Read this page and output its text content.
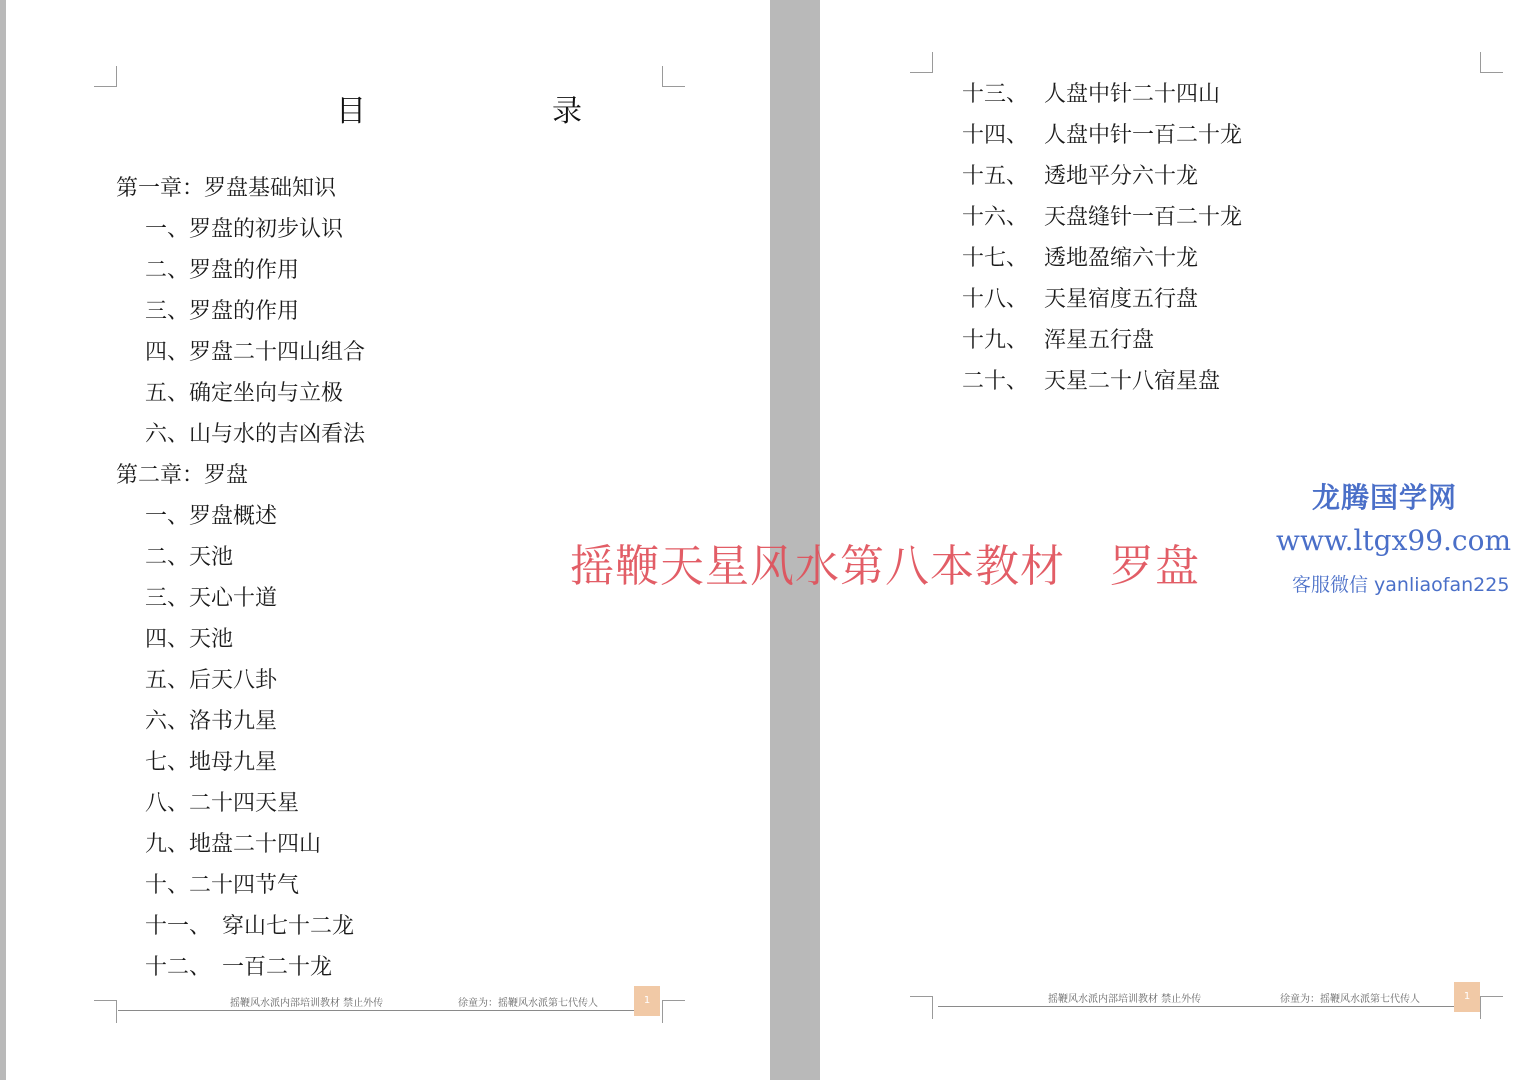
目　录
第一章：罗盘基础知识
一、罗盘的初步认识
二、罗盘的作用
三、罗盘的作用
四、罗盘二十四山组合
五、确定坐向与立极
六、山与水的吉凶看法
第二章：罗盘
一、罗盘概述
二、天池
三、天心十道
四、天池
五、后天八卦
六、洛书九星
七、地母九星
八、二十四天星
九、地盘二十四山
十、二十四节气
十一、　穿山七十二龙
十二、　一百二十龙
摇鞭风水派内部培训教材 禁止外传	徐童为：摇鞭风水派第七代传人	1
十三、 人盘中针二十四山
十四、 人盘中针一百二十龙
十五、 透地平分六十龙
十六、 天盘缝针一百二十龙
十七、 透地盈缩六十龙
十八、 天星宿度五行盘
十九、 浑星五行盘
二十、 天星二十八宿星盘
摇鞭风水派内部培训教材 禁止外传	徐童为：摇鞭风水派第七代传人	1
摇鞭天星风水第八本教材　罗盘
龙腾国学网
www.ltgx99.com
客服微信 yanliaofan225
